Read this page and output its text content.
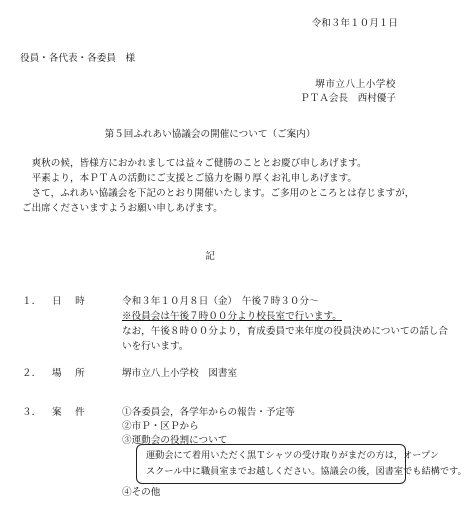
令和３年１０月１日
役員・各代表・各委員　様
堺市立八上小学校
ＰＴＡ会長　西村優子
第５回ふれあい協議会の開催について（ご案内）

　爽秋の候，皆様方におかれましては益々ご健勝のこととお慶び申しあげます。

　平素より，本ＰＴＡの活動にご支援とご協力を賜り厚くお礼申しあげます。

　さて，ふれあい協議会を下記のとおり開催いたします。ご多用のところとは存じますが，

ご出席くださいますようお願い申しあげます。

記
１． 日　時	令和３年１０月８日（金）　午後７時３０分～
※役員会は午後７時００分より校長室で行います。
なお，午後８時００分より，育成委員で来年度の役員決めについての話し合
いを行います。
２． 場　所	堺市立八上小学校　図書室
３． 案　件	①各委員会，各学年からの報告・予定等
②市Ｐ・区Ｐから
③運動会の役割について
運動会にて着用いただく黒Ｔシャツの受け取りがまだの方は，オープン
スクール中に職員室までお越しください。協議会の後，図書室でも結構です。
④その他
